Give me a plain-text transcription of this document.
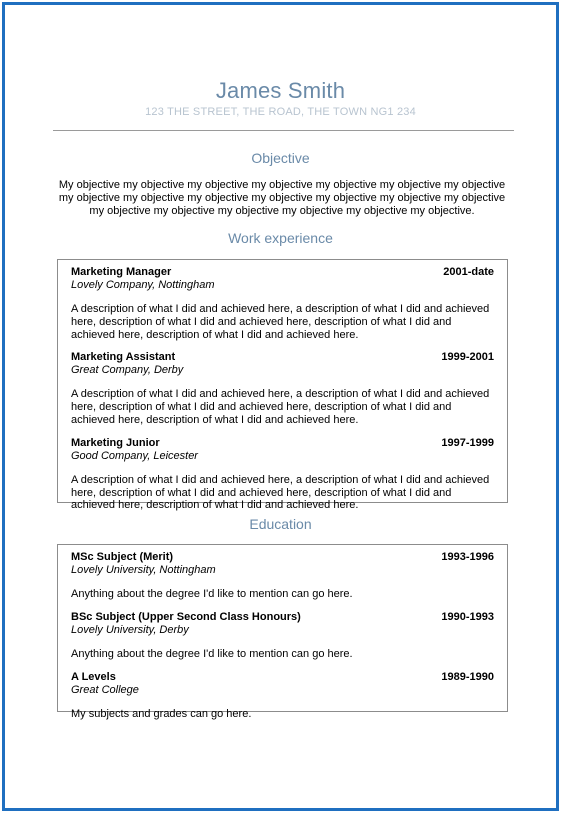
James Smith
123 THE STREET, THE ROAD, THE TOWN NG1 234
Objective
My objective my objective my objective my objective my objective my objective my objective my objective my objective my objective my objective my objective my objective my objective my objective my objective my objective my objective my objective my objective.
Work experience
Marketing Manager	2001-date
Lovely Company, Nottingham
A description of what I did and achieved here, a description of what I did and achieved here, description of what I did and achieved here, description of what I did and achieved here, description of what I did and achieved here.
Marketing Assistant	1999-2001
Great Company, Derby
A description of what I did and achieved here, a description of what I did and achieved here, description of what I did and achieved here, description of what I did and achieved here, description of what I did and achieved here.
Marketing Junior	1997-1999
Good Company, Leicester
A description of what I did and achieved here, a description of what I did and achieved here, description of what I did and achieved here, description of what I did and achieved here, description of what I did and achieved here.
Education
MSc Subject (Merit)	1993-1996
Lovely University, Nottingham
Anything about the degree I'd like to mention can go here.
BSc Subject (Upper Second Class Honours)	1990-1993
Lovely University, Derby
Anything about the degree I'd like to mention can go here.
A Levels	1989-1990
Great College
My subjects and grades can go here.
